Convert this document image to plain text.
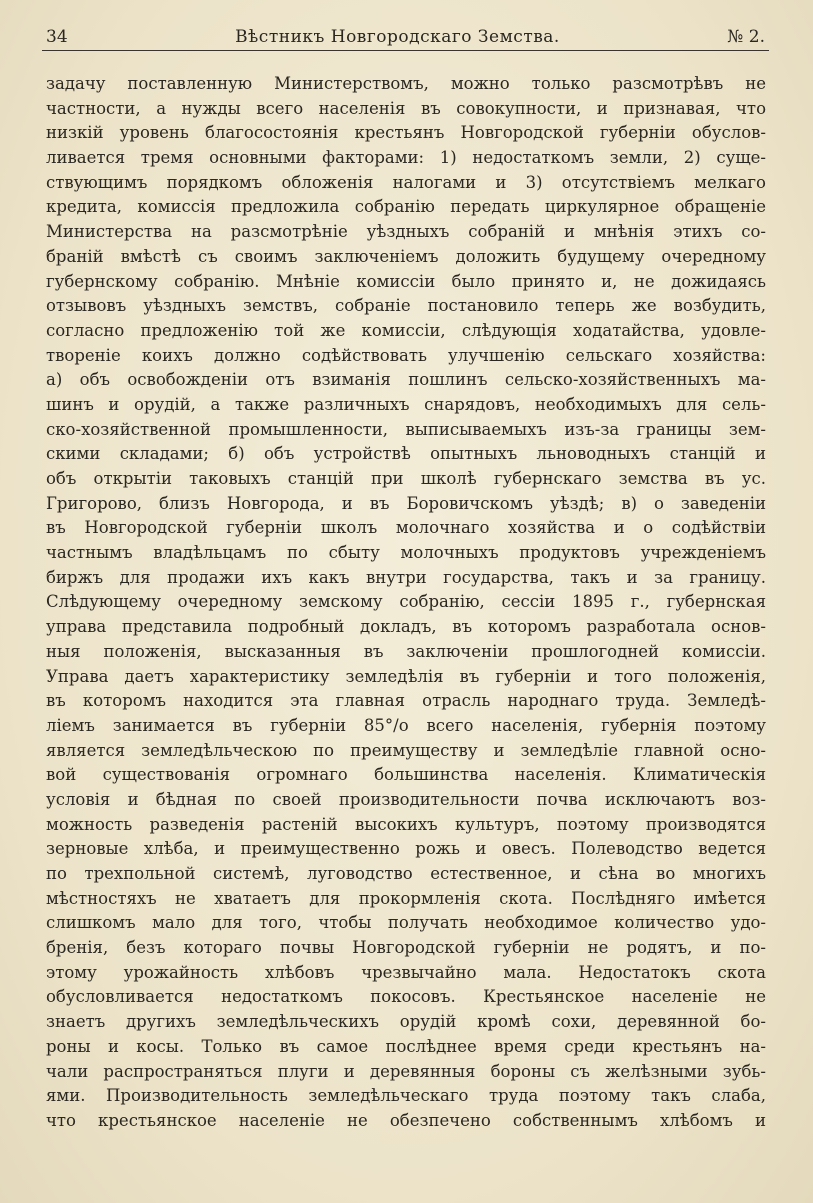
34	Вѣстникъ Новгородскаго Земства.	№ 2.
задачу поставленную Министерствомъ, можно только разсмотрѣвъ не
частности, а нужды всего населенія въ совокупности, и признавая, что
низкій уровень благосостоянія крестьянъ Новгородской губерніи обуслов-
ливается тремя основными факторами: 1) недостаткомъ земли, 2) суще-
ствующимъ порядкомъ обложенія налогами и 3) отсутствіемъ мелкаго
кредита, комиссія предложила собранію передать циркулярное обращеніе
Министерства на разсмотрѣніе уѣздныхъ собраній и мнѣнія этихъ со-
браній вмѣстѣ съ своимъ заключеніемъ доложить будущему очередному
губернскому собранію. Мнѣніе комиссіи было принято и, не дожидаясь
отзывовъ уѣздныхъ земствъ, собраніе постановило теперь же возбудить,
согласно предложенію той же комиссіи, слѣдующія ходатайства, удовле-
твореніе коихъ должно содѣйствовать улучшенію сельскаго хозяйства:
а) объ освобожденіи отъ взиманія пошлинъ сельско-хозяйственныхъ ма-
шинъ и орудій, а также различныхъ снарядовъ, необходимыхъ для сель-
ско-хозяйственной промышленности, выписываемыхъ изъ-за границы зем-
скими складами; б) объ устройствѣ опытныхъ льноводныхъ станцій и
объ открытіи таковыхъ станцій при школѣ губернскаго земства въ ус.
Григорово, близъ Новгорода, и въ Боровичскомъ уѣздѣ; в) о заведеніи
въ Новгородской губерніи школъ молочнаго хозяйства и о содѣйствіи
частнымъ владѣльцамъ по сбыту молочныхъ продуктовъ учрежденіемъ
биржъ для продажи ихъ какъ внутри государства, такъ и за границу.
Слѣдующему очередному земскому собранію, сессіи 1895 г., губернская
управа представила подробный докладъ, въ которомъ разработала основ-
ныя положенія, высказанныя въ заключеніи прошлогодней комиссіи.
Управа даетъ характеристику земледѣлія въ губерніи и того положенія,
въ которомъ находится эта главная отрасль народнаго труда. Земледѣ-
ліемъ занимается въ губерніи 85°/о всего населенія, губернія поэтому
является земледѣльческою по преимуществу и земледѣліе главной осно-
вой существованія огромнаго большинства населенія. Климатическія
условія и бѣдная по своей производительности почва исключаютъ воз-
можность разведенія растеній высокихъ культуръ, поэтому производятся
зерновые хлѣба, и преимущественно рожь и овесъ. Полеводство ведется
по трехпольной системѣ, луговодство естественное, и сѣна во многихъ
мѣстностяхъ не хватаетъ для прокормленія скота. Послѣдняго имѣется
слишкомъ мало для того, чтобы получать необходимое количество удо-
бренія, безъ котораго почвы Новгородской губерніи не родятъ, и по-
этому урожайность хлѣбовъ чрезвычайно мала. Недостатокъ скота
обусловливается недостаткомъ покосовъ. Крестьянское населеніе не
знаетъ другихъ земледѣльческихъ орудій кромѣ сохи, деревянной бо-
роны и косы. Только въ самое послѣднее время среди крестьянъ на-
чали распространяться плуги и деревянныя бороны съ желѣзными зубь-
ями. Производительность земледѣльческаго труда поэтому такъ слаба,
что крестьянское населеніе не обезпечено собственнымъ хлѣбомъ и
